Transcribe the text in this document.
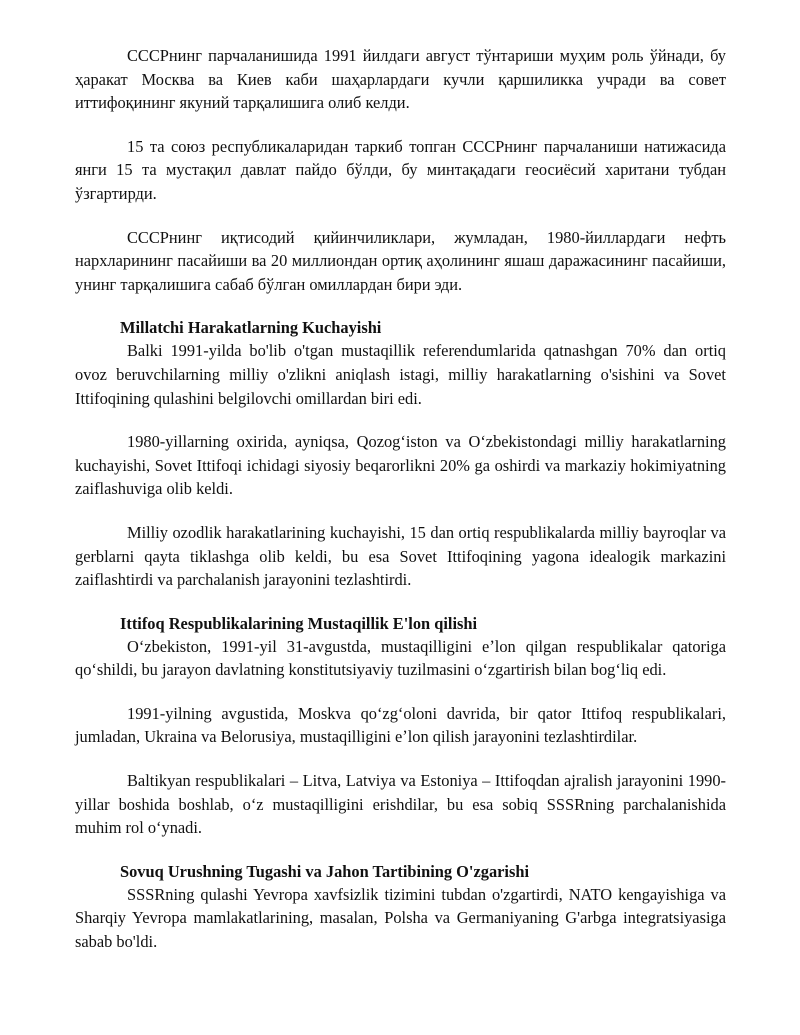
СССРнинг парчаланишида 1991 йилдаги август тўнтариши муҳим роль ўйнади, бу ҳаракат Москва ва Киев каби шаҳарлардаги кучли қаршиликка учради ва совет иттифоқининг якуний тарқалишига олиб келди.

15 та союз республикаларидан таркиб топган СССРнинг парчаланиши натижасида янги 15 та мустақил давлат пайдо бўлди, бу минтақадаги геосиёсий харитани тубдан ўзгартирди.

СССРнинг иқтисодий қийинчиликлари, жумладан, 1980-йиллардаги нефть нархларининг пасайиши ва 20 миллиондан ортиқ аҳолининг яшаш даражасининг пасайиши, унинг тарқалишига сабаб бўлган омиллардан бири эди.

Millatchi Harakatlarning Kuchayishi

Balki 1991-yilda bo'lib o'tgan mustaqillik referendumlarida qatnashgan 70% dan ortiq ovoz beruvchilarning milliy o'zlikni aniqlash istagi, milliy harakatlarning o'sishini va Sovet Ittifoqining qulashini belgilovchi omillardan biri edi.

1980-yillarning oxirida, ayniqsa, Qozogʻiston va Oʻzbekistondagi milliy harakatlarning kuchayishi, Sovet Ittifoqi ichidagi siyosiy beqarorlikni 20% ga oshirdi va markaziy hokimiyatning zaiflashuviga olib keldi.

Milliy ozodlik harakatlarining kuchayishi, 15 dan ortiq respublikalarda milliy bayroqlar va gerblarni qayta tiklashga olib keldi, bu esa Sovet Ittifoqining yagona idealogik markazini zaiflashtirdi va parchalanish jarayonini tezlashtirdi.

Ittifoq Respublikalarining Mustaqillik E'lon qilishi

Oʻzbekiston, 1991-yil 31-avgustda, mustaqilligini eʼlon qilgan respublikalar qatoriga qoʻshildi, bu jarayon davlatning konstitutsiyaviy tuzilmasini oʻzgartirish bilan bogʻliq edi.

1991-yilning avgustida, Moskva qoʻzgʻoloni davrida, bir qator Ittifoq respublikalari, jumladan, Ukraina va Belorusiya, mustaqilligini eʼlon qilish jarayonini tezlashtirdilar.

Baltikyan respublikalari – Litva, Latviya va Estoniya – Ittifoqdan ajralish jarayonini 1990-yillar boshida boshlab, oʻz mustaqilligini erishdilar, bu esa sobiq SSSRning parchalanishida muhim rol oʻynadi.

Sovuq Urushning Tugashi va Jahon Tartibining O'zgarishi

SSSRning qulashi Yevropa xavfsizlik tizimini tubdan o'zgartirdi, NATO kengayishiga va Sharqiy Yevropa mamlakatlarining, masalan, Polsha va Germaniyaning G'arbga integratsiyasiga sabab bo'ldi.
